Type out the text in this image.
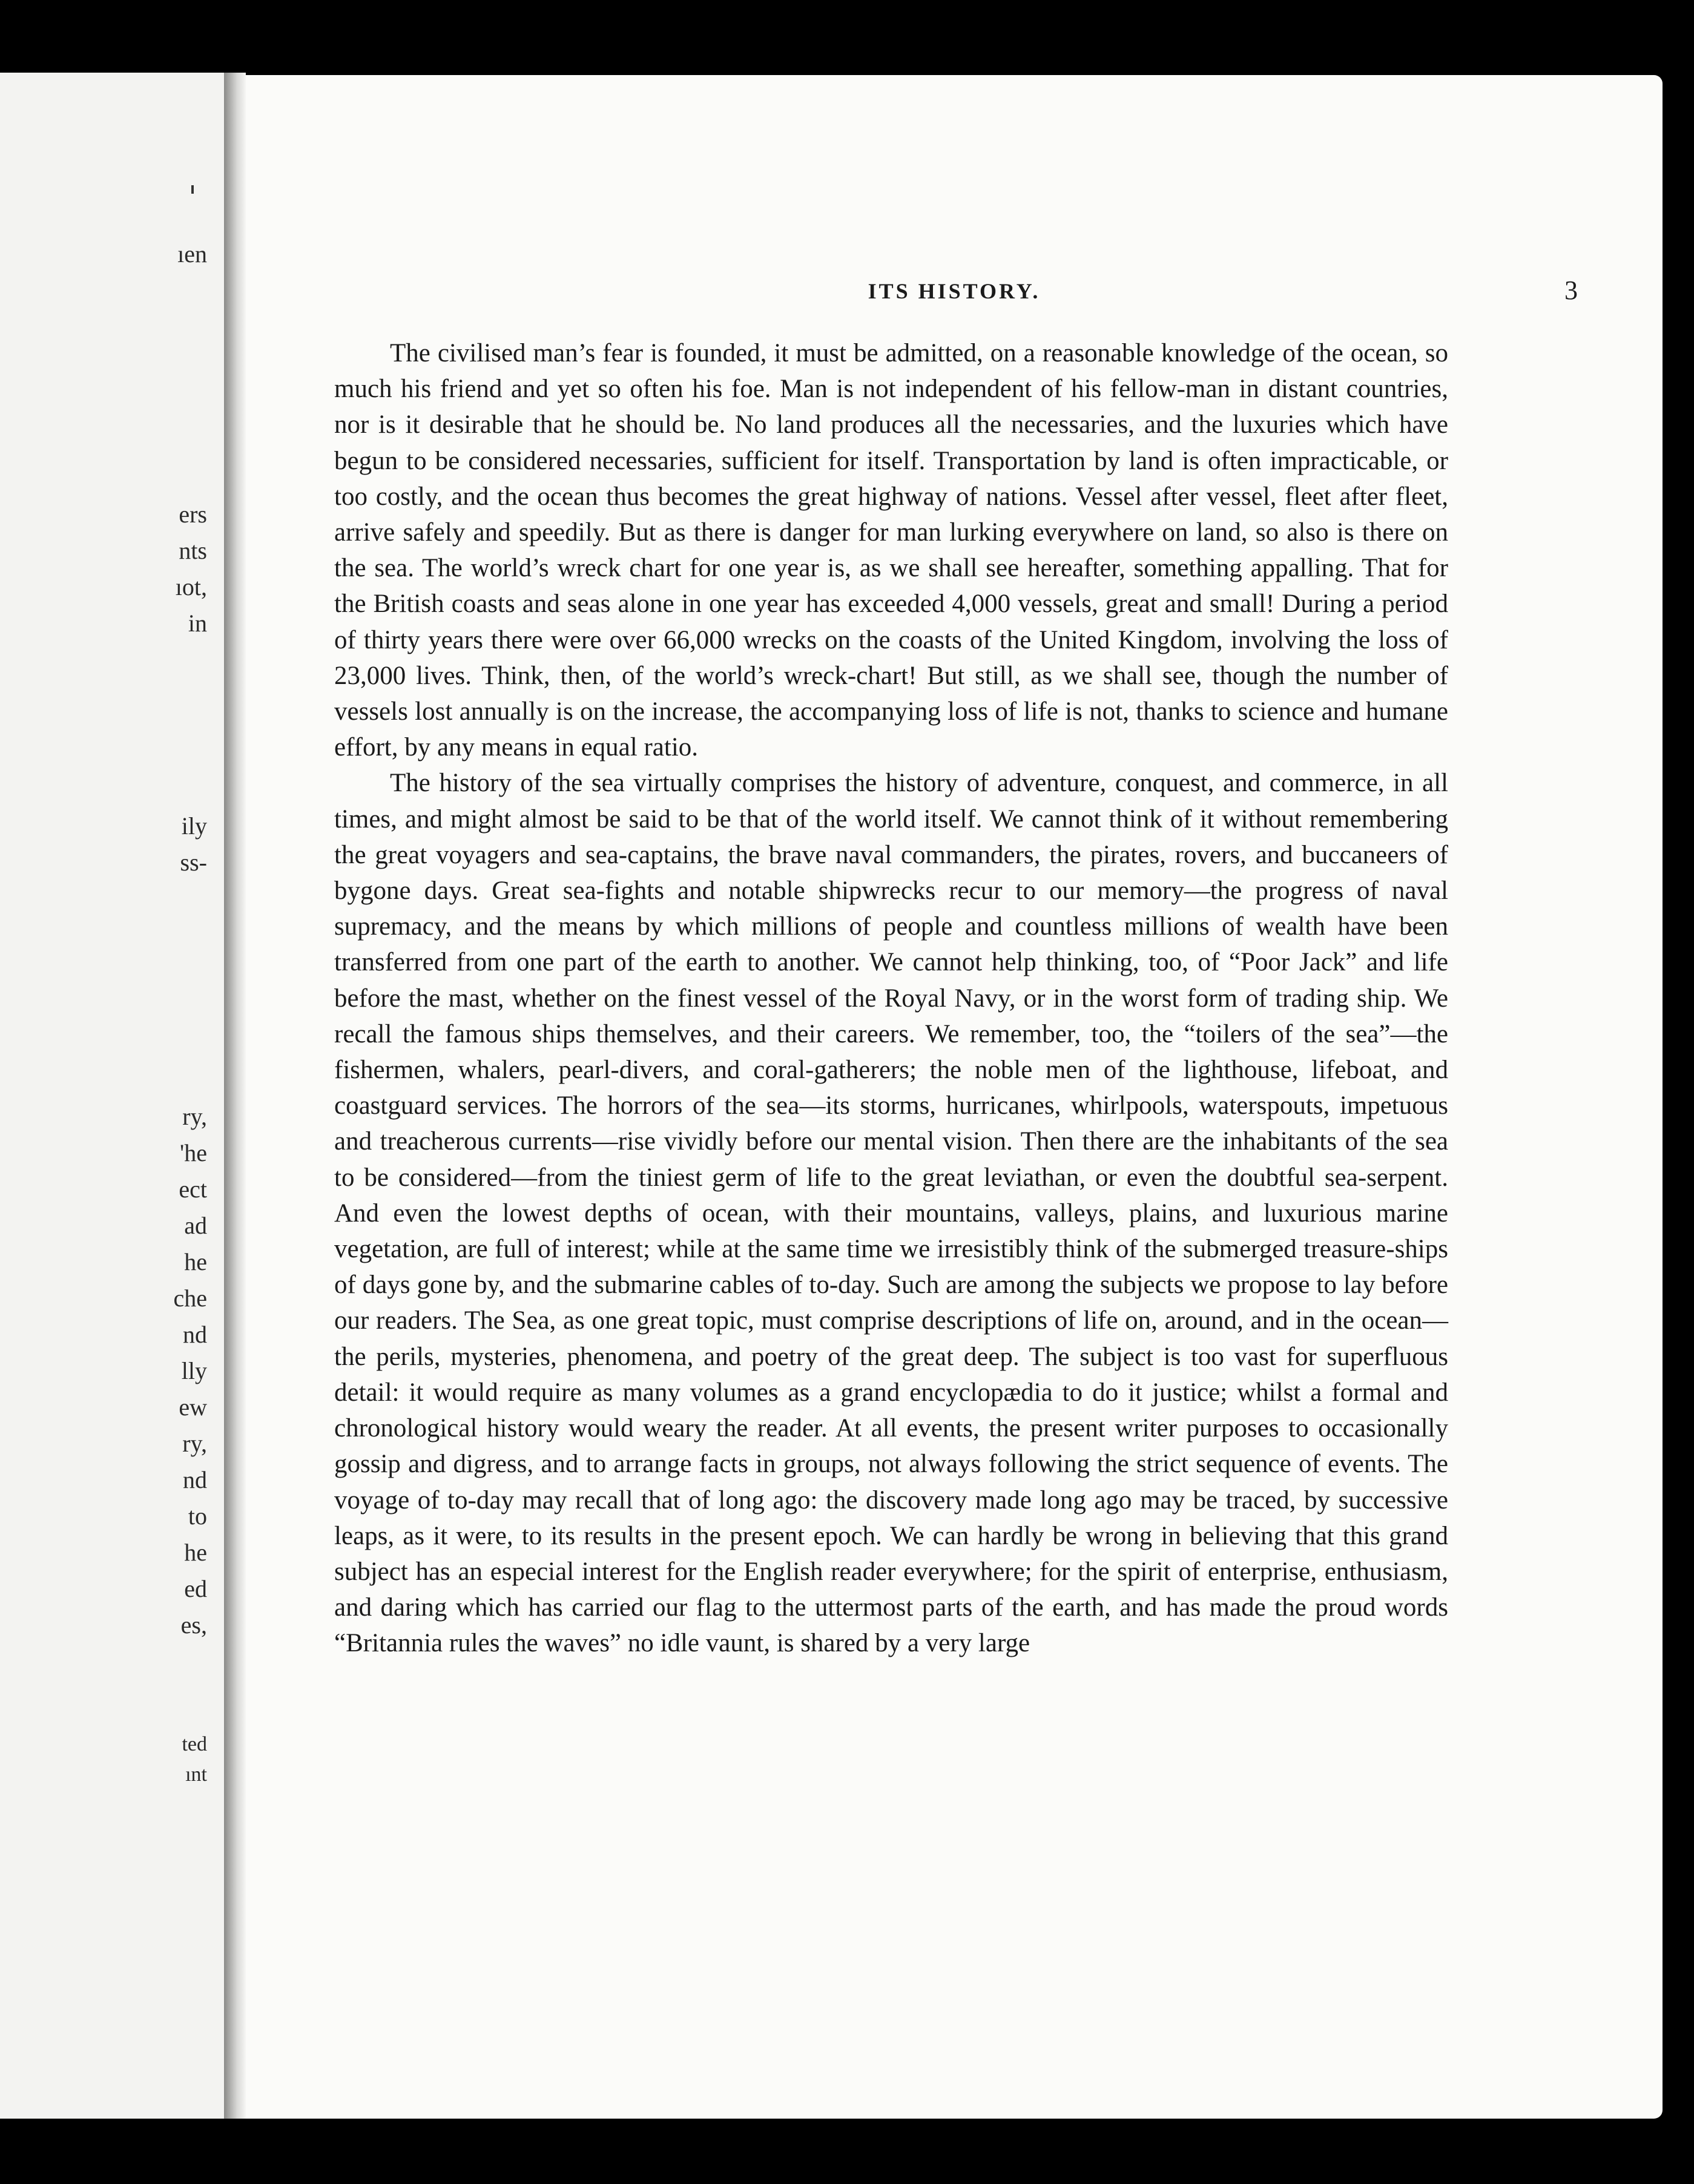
ıen
ers
nts
ıot,
in
ily
ss-
ry,
'he
ect
ad
he
che
nd
lly
ew
ry,
nd
to
he
ed
es,
ted
ınt
ITS HISTORY.	3

The civilised man’s fear is founded, it must be admitted, on a reasonable knowledge of the ocean, so much his friend and yet so often his foe. Man is not independent of his fellow-man in distant countries, nor is it desirable that he should be. No land produces all the necessaries, and the luxuries which have begun to be considered necessaries, sufficient for itself. Transportation by land is often impracticable, or too costly, and the ocean thus becomes the great highway of nations. Vessel after vessel, fleet after fleet, arrive safely and speedily. But as there is danger for man lurking everywhere on land, so also is there on the sea. The world’s wreck chart for one year is, as we shall see hereafter, something appalling. That for the British coasts and seas alone in one year has exceeded 4,000 vessels, great and small! During a period of thirty years there were over 66,000 wrecks on the coasts of the United Kingdom, involving the loss of 23,000 lives. Think, then, of the world’s wreck-chart! But still, as we shall see, though the number of vessels lost annually is on the increase, the accompanying loss of life is not, thanks to science and humane effort, by any means in equal ratio.

The history of the sea virtually comprises the history of adventure, conquest, and commerce, in all times, and might almost be said to be that of the world itself. We cannot think of it without remembering the great voyagers and sea-captains, the brave naval commanders, the pirates, rovers, and buccaneers of bygone days. Great sea-fights and notable shipwrecks recur to our memory—the progress of naval supremacy, and the means by which millions of people and countless millions of wealth have been transferred from one part of the earth to another. We cannot help thinking, too, of “Poor Jack” and life before the mast, whether on the finest vessel of the Royal Navy, or in the worst form of trading ship. We recall the famous ships themselves, and their careers. We remember, too, the “toilers of the sea”—the fishermen, whalers, pearl-divers, and coral-gatherers; the noble men of the lighthouse, lifeboat, and coastguard services. The horrors of the sea—its storms, hurricanes, whirlpools, waterspouts, impetuous and treacherous currents—rise vividly before our mental vision. Then there are the inhabitants of the sea to be considered—from the tiniest germ of life to the great leviathan, or even the doubtful sea-serpent. And even the lowest depths of ocean, with their mountains, valleys, plains, and luxurious marine vegetation, are full of interest; while at the same time we irresistibly think of the submerged treasure-ships of days gone by, and the submarine cables of to-day. Such are among the subjects we propose to lay before our readers. The Sea, as one great topic, must comprise descriptions of life on, around, and in the ocean—the perils, mysteries, phenomena, and poetry of the great deep. The subject is too vast for superfluous detail: it would require as many volumes as a grand encyclopædia to do it justice; whilst a formal and chronological history would weary the reader. At all events, the present writer purposes to occasionally gossip and digress, and to arrange facts in groups, not always following the strict sequence of events. The voyage of to-day may recall that of long ago: the discovery made long ago may be traced, by successive leaps, as it were, to its results in the present epoch. We can hardly be wrong in believing that this grand subject has an especial interest for the English reader everywhere; for the spirit of enterprise, enthusiasm, and daring which has carried our flag to the uttermost parts of the earth, and has made the proud words “Britannia rules the waves” no idle vaunt, is shared by a very large
